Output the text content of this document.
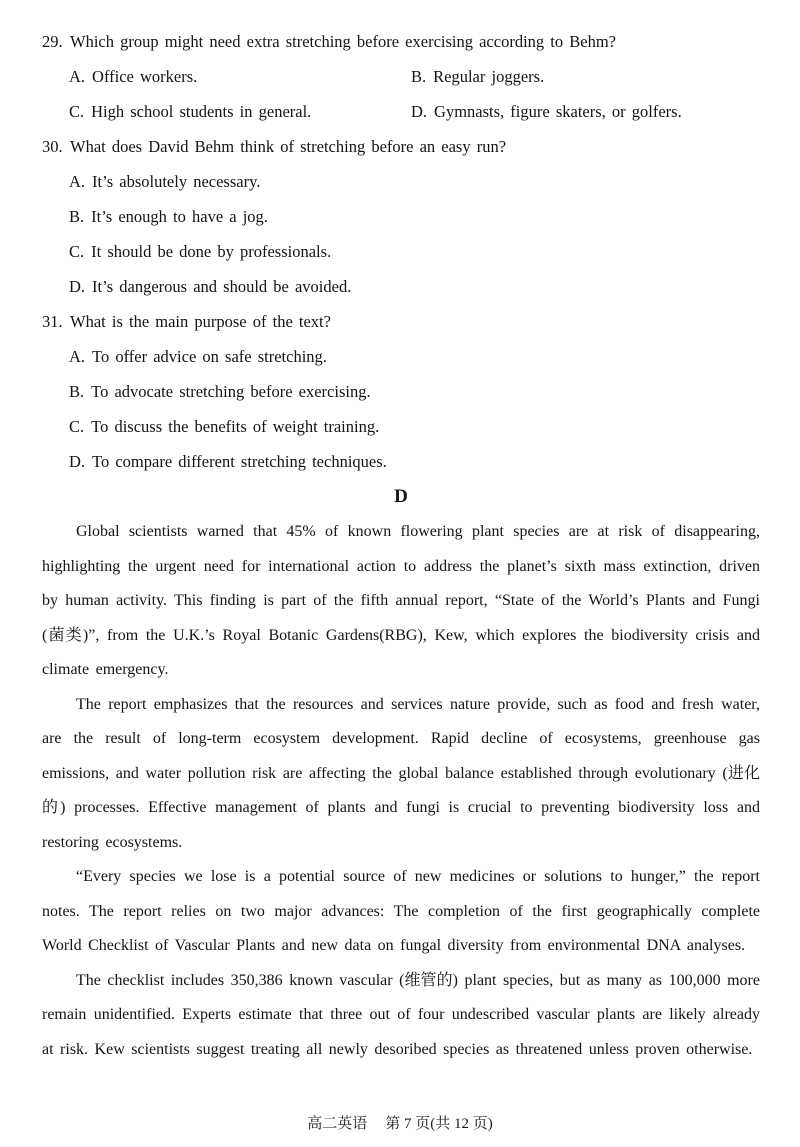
29. Which group might need extra stretching before exercising according to Behm?
A. Office workers.	B. Regular joggers.
C. High school students in general.	D. Gymnasts, figure skaters, or golfers.
30. What does David Behm think of stretching before an easy run?
A. It’s absolutely necessary.
B. It’s enough to have a jog.
C. It should be done by professionals.
D. It’s dangerous and should be avoided.
31. What is the main purpose of the text?
A. To offer advice on safe stretching.
B. To advocate stretching before exercising.
C. To discuss the benefits of weight training.
D. To compare different stretching techniques.
D

Global scientists warned that 45% of known flowering plant species are at risk of disappearing, highlighting the urgent need for international action to address the planet’s sixth mass extinction, driven by human activity. This finding is part of the fifth annual report, “State of the World’s Plants and Fungi (菌类)”, from the U.K.’s Royal Botanic Gardens(RBG), Kew, which explores the biodiversity crisis and climate emergency.

The report emphasizes that the resources and services nature provide, such as food and fresh water, are the result of long-term ecosystem development. Rapid decline of ecosystems, greenhouse gas emissions, and water pollution risk are affecting the global balance established through evolutionary (进化的) processes. Effective management of plants and fungi is crucial to preventing biodiversity loss and restoring ecosystems.

“Every species we lose is a potential source of new medicines or solutions to hunger,” the report notes. The report relies on two major advances: The completion of the first geographically complete World Checklist of Vascular Plants and new data on fungal diversity from environmental DNA analyses.

The checklist includes 350,386 known vascular (维管的) plant species, but as many as 100,000 more remain unidentified. Experts estimate that three out of four undescribed vascular plants are likely already at risk. Kew scientists suggest treating all newly desoribed species as threatened unless proven otherwise.

高二英语 第 7 页(共 12 页)
